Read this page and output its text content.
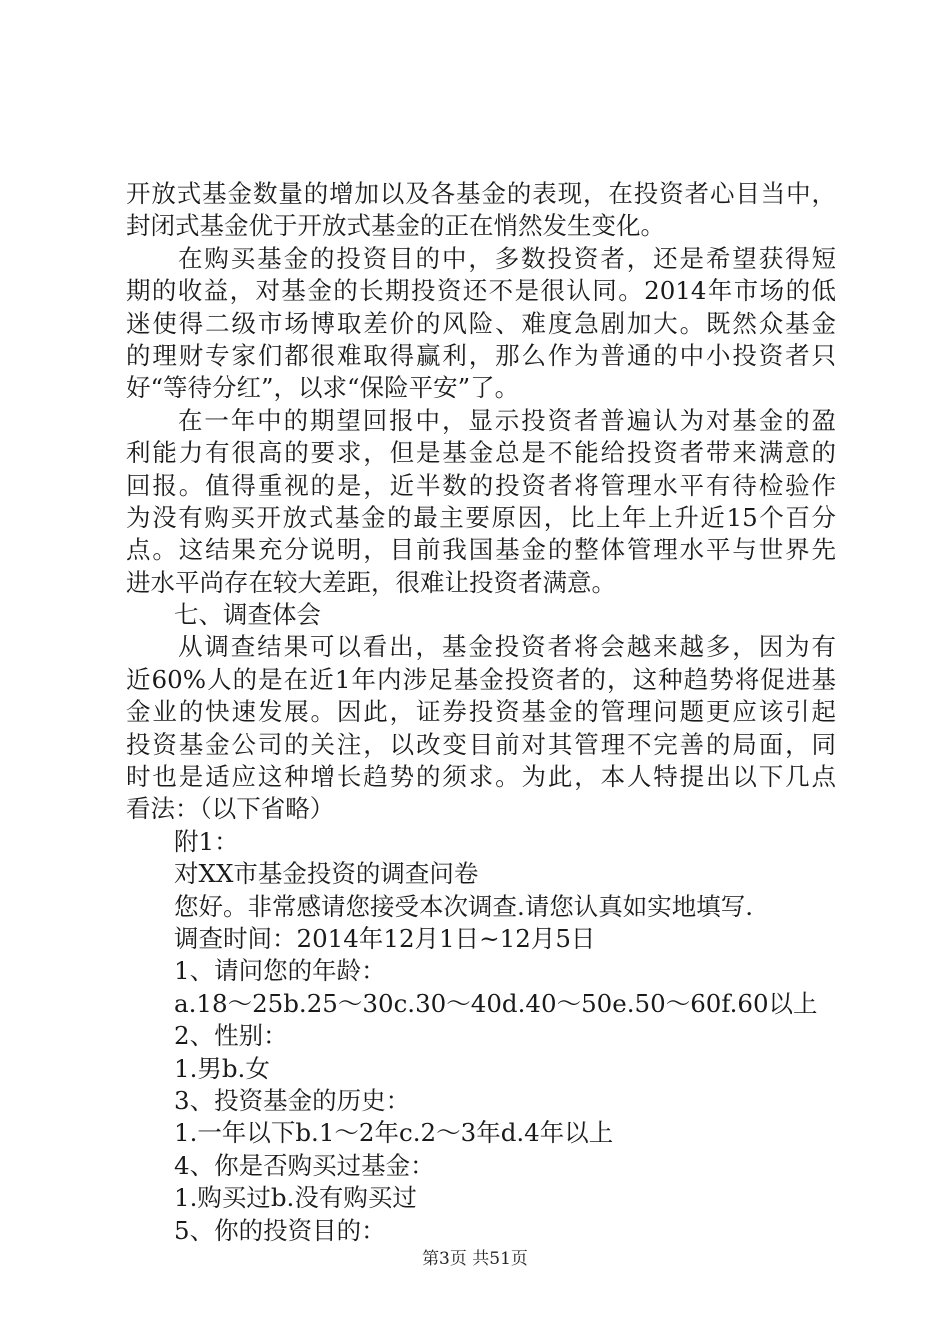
开放式基金数量的增加以及各基金的表现，在投资者心目当中，
封闭式基金优于开放式基金的正在悄然发生变化。
在购买基金的投资目的中，多数投资者，还是希望获得短
期的收益，对基金的长期投资还不是很认同。2014年市场的低
迷使得二级市场博取差价的风险、难度急剧加大。既然众基金
的理财专家们都很难取得赢利，那么作为普通的中小投资者只
好“等待分红”，以求“保险平安”了。
在一年中的期望回报中，显示投资者普遍认为对基金的盈
利能力有很高的要求，但是基金总是不能给投资者带来满意的
回报。值得重视的是，近半数的投资者将管理水平有待检验作
为没有购买开放式基金的最主要原因，比上年上升近15个百分
点。这结果充分说明，目前我国基金的整体管理水平与世界先
进水平尚存在较大差距，很难让投资者满意。
七、调查体会
从调查结果可以看出，基金投资者将会越来越多，因为有
近60%人的是在近1年内涉足基金投资者的，这种趋势将促进基
金业的快速发展。因此，证券投资基金的管理问题更应该引起
投资基金公司的关注，以改变目前对其管理不完善的局面，同
时也是适应这种增长趋势的须求。为此，本人特提出以下几点
看法：（以下省略）
附1：
对XX市基金投资的调查问卷
您好。非常感请您接受本次调查.请您认真如实地填写.
调查时间：2014年12月1日~12月5日
1、请问您的年龄：
a.18～25b.25～30c.30～40d.40～50e.50～60f.60以上
2、性别：
1.男b.女
3、投资基金的历史：
1.一年以下b.1～2年c.2～3年d.4年以上
4、你是否购买过基金：
1.购买过b.没有购买过
5、你的投资目的：
第3页 共51页
